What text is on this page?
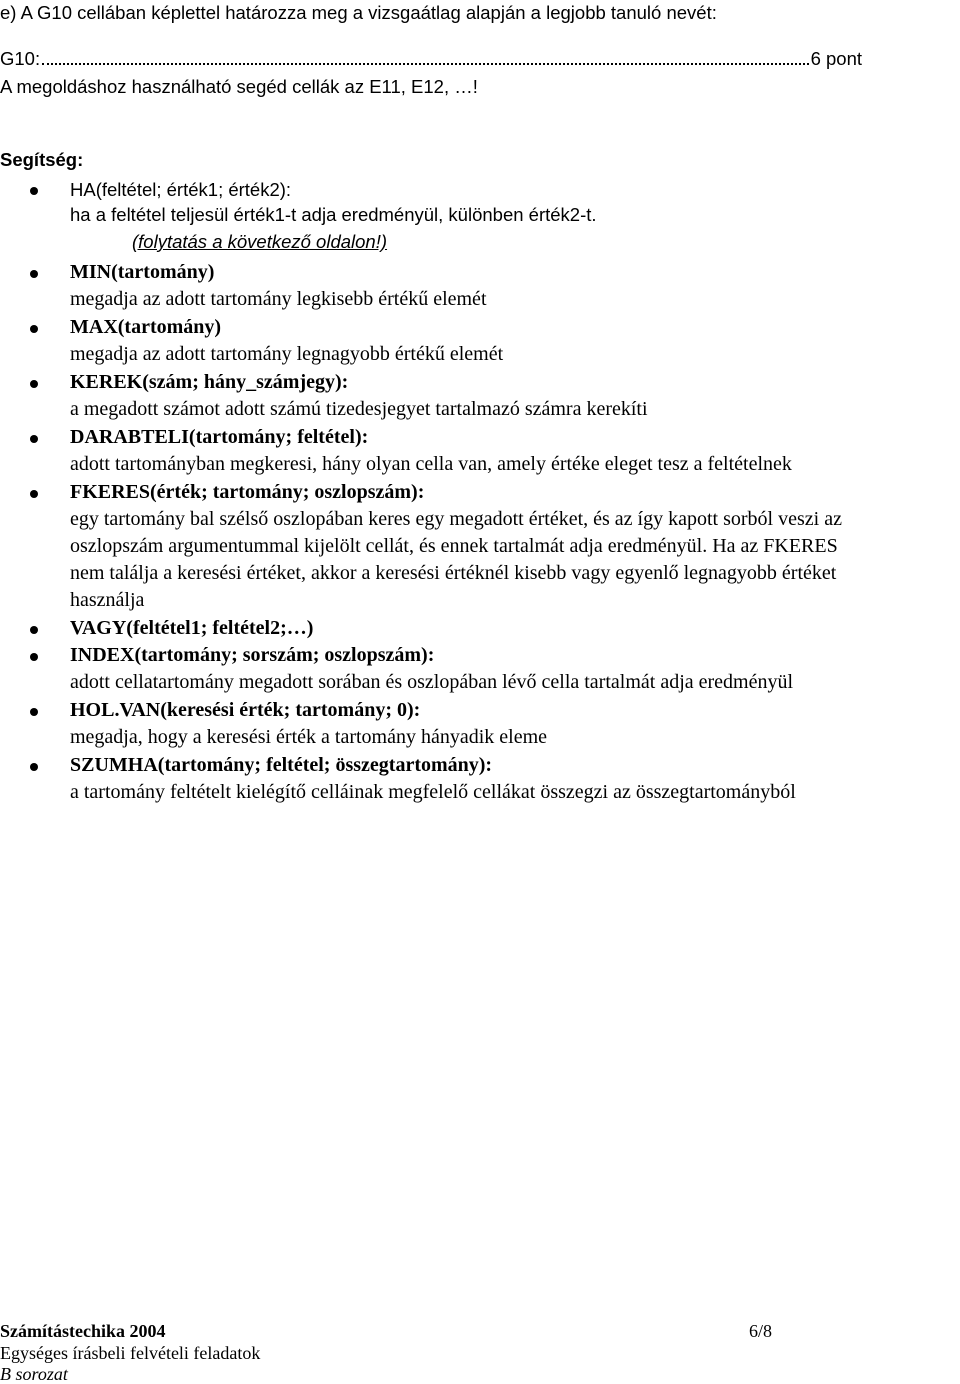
e) A G10 cellában képlettel határozza meg a vizsgaátlag alapján a legjobb tanuló nevét:
G10:	6 pont
A megoldáshoz használható segéd cellák az E11, E12, …!
Segítség:
HA(feltétel; érték1; érték2):
ha a feltétel teljesül érték1-t adja eredményül, különben érték2-t.
(folytatás a következő oldalon!)
MIN(tartomány)
megadja az adott tartomány legkisebb értékű elemét
MAX(tartomány)
megadja az adott tartomány legnagyobb értékű elemét
KEREK(szám; hány_számjegy):
a megadott számot adott számú tizedesjegyet tartalmazó számra kerekíti
DARABTELI(tartomány; feltétel):
adott tartományban megkeresi, hány olyan cella van, amely értéke eleget tesz a feltételnek
FKERES(érték; tartomány; oszlopszám):
egy tartomány bal szélső oszlopában keres egy megadott értéket, és az így kapott sorból veszi az
oszlopszám argumentummal kijelölt cellát, és ennek tartalmát adja eredményül. Ha az FKERES
nem találja a keresési értéket, akkor a keresési értéknél kisebb vagy egyenlő legnagyobb értéket
használja
VAGY(feltétel1; feltétel2;…)
INDEX(tartomány; sorszám; oszlopszám):
adott cellatartomány megadott sorában és oszlopában lévő cella tartalmát adja eredményül
HOL.VAN(keresési érték; tartomány; 0):
megadja, hogy a keresési érték a tartomány hányadik eleme
SZUMHA(tartomány; feltétel; összegtartomány):
a tartomány feltételt kielégítő celláinak megfelelő cellákat összegzi az összegtartományból
Számítástechika 2004	6/8
Egységes írásbeli felvételi feladatok
B sorozat
